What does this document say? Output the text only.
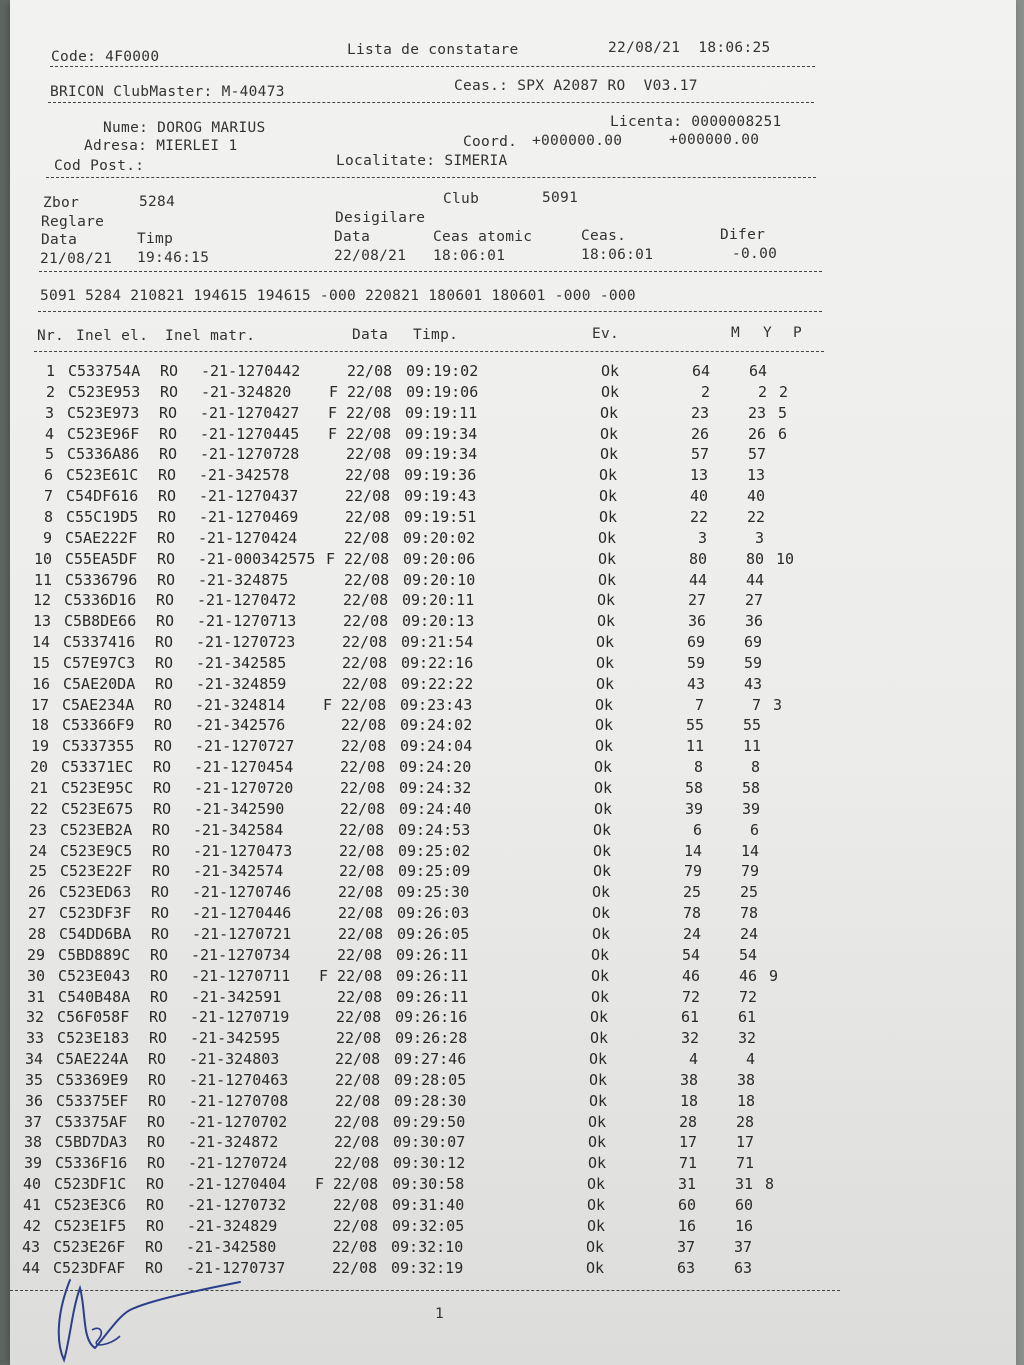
Code: 4F0000	Lista de constatare	22/08/21  18:06:25
BRICON ClubMaster: M-40473	Ceas.: SPX A2087 RO  V03.17
Nume: DOROG MARIUS	Licenta: 0000008251
Adresa: MIERLEI 1	Coord. +000000.00	+000000.00
Cod Post.:	Localitate: SIMERIA
Zbor	5284	Club	5091
Reglare	Desigilare
Data	Timp	Data	Ceas atomic	Ceas.	Difer
21/08/21 19:46:15	22/08/21 18:06:01	18:06:01	-0.00
5091 5284 210821 194615 194615 -000 220821 180601 180601 -000 -000
Nr. Inel el. Inel matr.	Data Timp.	Ev.	M Y P
1 C533754A RO -21-1270442	22/08 09:19:02	Ok	64	64
2 C523E953 RO -21-324820	F 22/08 09:19:06	Ok	2	2 2
3 C523E973 RO -21-1270427 F 22/08 09:19:11	Ok	23	23 5
4 C523E96F RO -21-1270445 F 22/08 09:19:34	Ok	26	26 6
5 C5336A86 RO -21-1270728	22/08 09:19:34	Ok	57	57
6 C523E61C RO -21-342578	22/08 09:19:36	Ok	13	13
7 C54DF616 RO -21-1270437	22/08 09:19:43	Ok	40	40
8 C55C19D5 RO -21-1270469	22/08 09:19:51	Ok	22	22
9 C5AE222F RO -21-1270424	22/08 09:20:02	Ok	3	3
10 C55EA5DF RO -21-000342575 F 22/08 09:20:06	Ok	80	80 10
11 C5336796 RO -21-324875	22/08 09:20:10	Ok	44	44
12 C5336D16 RO -21-1270472	22/08 09:20:11	Ok	27	27
13 C5B8DE66 RO -21-1270713	22/08 09:20:13	Ok	36	36
14 C5337416 RO -21-1270723	22/08 09:21:54	Ok	69	69
15 C57E97C3 RO -21-342585	22/08 09:22:16	Ok	59	59
16 C5AE20DA RO -21-324859	22/08 09:22:22	Ok	43	43
17 C5AE234A RO -21-324814	F 22/08 09:23:43	Ok	7	7 3
18 C53366F9 RO -21-342576	22/08 09:24:02	Ok	55	55
19 C5337355 RO -21-1270727	22/08 09:24:04	Ok	11	11
20 C53371EC RO -21-1270454	22/08 09:24:20	Ok	8	8
21 C523E95C RO -21-1270720	22/08 09:24:32	Ok	58	58
22 C523E675 RO -21-342590	22/08 09:24:40	Ok	39	39
23 C523EB2A RO -21-342584	22/08 09:24:53	Ok	6	6
24 C523E9C5 RO -21-1270473	22/08 09:25:02	Ok	14	14
25 C523E22F RO -21-342574	22/08 09:25:09	Ok	79	79
26 C523ED63 RO -21-1270746	22/08 09:25:30	Ok	25	25
27 C523DF3F RO -21-1270446	22/08 09:26:03	Ok	78	78
28 C54DD6BA RO -21-1270721	22/08 09:26:05	Ok	24	24
29 C5BD889C RO -21-1270734	22/08 09:26:11	Ok	54	54
30 C523E043 RO -21-1270711 F 22/08 09:26:11	Ok	46	46 9
31 C540B48A RO -21-342591	22/08 09:26:11	Ok	72	72
32 C56F058F RO -21-1270719	22/08 09:26:16	Ok	61	61
33 C523E183 RO -21-342595	22/08 09:26:28	Ok	32	32
34 C5AE224A RO -21-324803	22/08 09:27:46	Ok	4	4
35 C53369E9 RO -21-1270463	22/08 09:28:05	Ok	38	38
36 C53375EF RO -21-1270708	22/08 09:28:30	Ok	18	18
37 C53375AF RO -21-1270702	22/08 09:29:50	Ok	28	28
38 C5BD7DA3 RO -21-324872	22/08 09:30:07	Ok	17	17
39 C5336F16 RO -21-1270724	22/08 09:30:12	Ok	71	71
40 C523DF1C RO -21-1270404 F 22/08 09:30:58	Ok	31	31 8
41 C523E3C6 RO -21-1270732	22/08 09:31:40	Ok	60	60
42 C523E1F5 RO -21-324829	22/08 09:32:05	Ok	16	16
43 C523E26F RO -21-342580	22/08 09:32:10	Ok	37	37
44 C523DFAF RO -21-1270737	22/08 09:32:19	Ok	63	63
1
